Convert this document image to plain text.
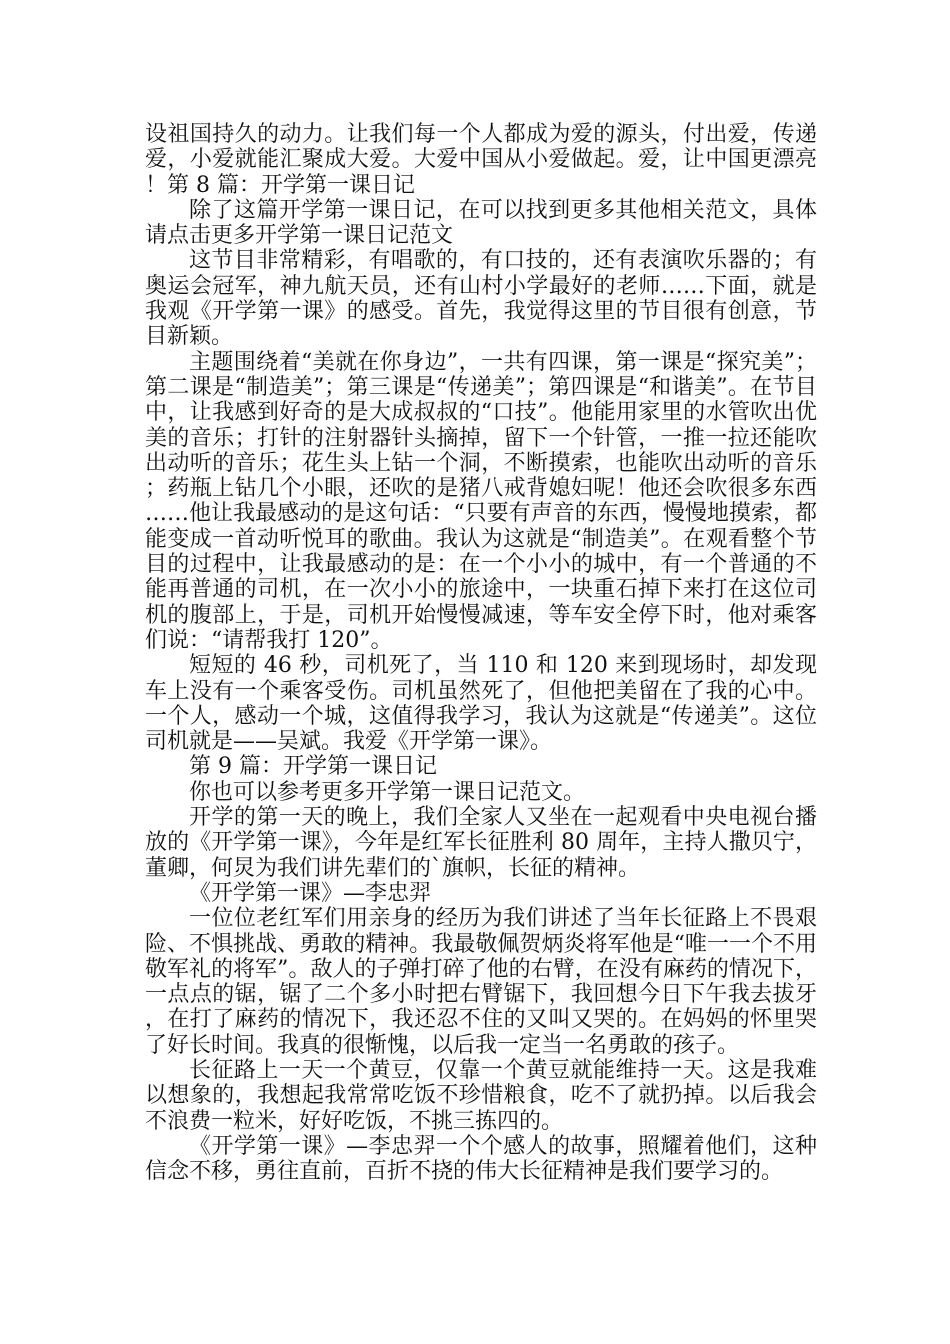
设祖国持久的动力。让我们每一个人都成为爱的源头，付出爱，传递爱，小爱就能汇聚成大爱。大爱中国从小爱做起。爱，让中国更漂亮！第 8 篇：开学第一课日记

除了这篇开学第一课日记，在可以找到更多其他相关范文，具体请点击更多开学第一课日记范文

这节目非常精彩，有唱歌的，有口技的，还有表演吹乐器的；有奥运会冠军，神九航天员，还有山村小学最好的老师……下面，就是我观《开学第一课》的感受。首先，我觉得这里的节目很有创意，节目新颖。

主题围绕着“美就在你身边”，一共有四课，第一课是“探究美”；第二课是“制造美”；第三课是“传递美”；第四课是“和谐美”。在节目中，让我感到好奇的是大成叔叔的“口技”。他能用家里的水管吹出优美的音乐；打针的注射器针头摘掉，留下一个针管，一推一拉还能吹出动听的音乐；花生头上钻一个洞，不断摸索，也能吹出动听的音乐；药瓶上钻几个小眼，还吹的是猪八戒背媳妇呢！他还会吹很多东西……他让我最感动的是这句话：“只要有声音的东西，慢慢地摸索，都能变成一首动听悦耳的歌曲。我认为这就是“制造美”。在观看整个节目的过程中，让我最感动的是：在一个小小的城中，有一个普通的不能再普通的司机，在一次小小的旅途中，一块重石掉下来打在这位司机的腹部上，于是，司机开始慢慢减速，等车安全停下时，他对乘客们说：“请帮我打 120”。

短短的 46 秒，司机死了，当 110 和 120 来到现场时，却发现车上没有一个乘客受伤。司机虽然死了，但他把美留在了我的心中。一个人，感动一个城，这值得我学习，我认为这就是“传递美”。这位司机就是——吴斌。我爱《开学第一课》。

第 9 篇：开学第一课日记

你也可以参考更多开学第一课日记范文。

开学的第一天的晚上，我们全家人又坐在一起观看中央电视台播放的《开学第一课》，今年是红军长征胜利 80 周年，主持人撒贝宁，董卿，何炅为我们讲先辈们的`旗帜，长征的精神。

《开学第一课》—李忠羿

一位位老红军们用亲身的经历为我们讲述了当年长征路上不畏艰险、不惧挑战、勇敢的精神。我最敬佩贺炳炎将军他是“唯一一个不用敬军礼的将军”。敌人的子弹打碎了他的右臂，在没有麻药的情况下，一点点的锯，锯了二个多小时把右臂锯下，我回想今日下午我去拔牙，在打了麻药的情况下，我还忍不住的又叫又哭的。在妈妈的怀里哭了好长时间。我真的很惭愧，以后我一定当一名勇敢的孩子。

长征路上一天一个黄豆，仅靠一个黄豆就能维持一天。这是我难以想象的，我想起我常常吃饭不珍惜粮食，吃不了就扔掉。以后我会不浪费一粒米，好好吃饭，不挑三拣四的。

《开学第一课》—李忠羿一个个感人的故事，照耀着他们，这种信念不移，勇往直前，百折不挠的伟大长征精神是我们要学习的。
